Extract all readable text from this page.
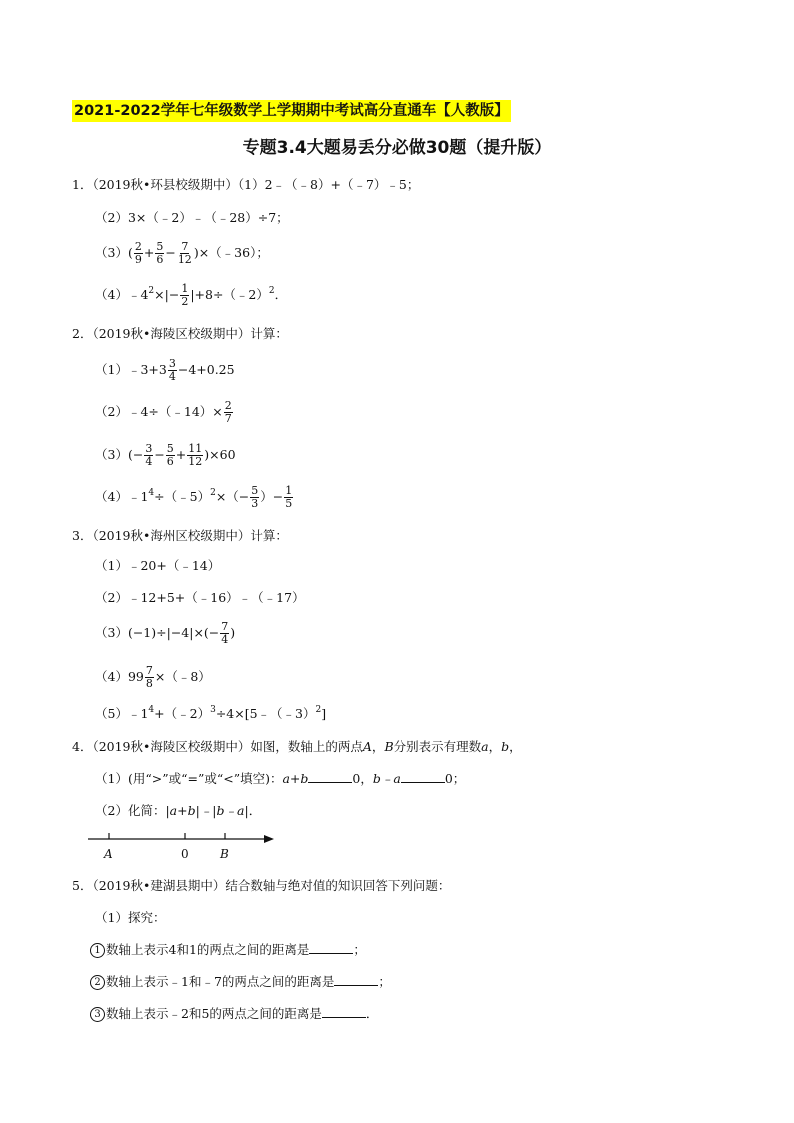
2021-2022学年七年级数学上学期期中考试高分直通车【人教版】
专题3.4大题易丢分必做30题（提升版）
1．（2019秋•环县校级期中）（1）2﹣（﹣8）+（﹣7）﹣5；
（2）3×（﹣2）﹣（﹣28）÷7；
$(3)( \frac{2}{9} + \frac{5}{6} - \frac{7}{12}$ )×（﹣36）；
$(4)﹣4^2\times|- \frac{1}{2}$ |+8÷（﹣2）$^2$．
2．（2019秋•海陵区校级期中）计算：
（1）﹣3+3 $\frac{3}{4} -4+0.25$
（2）﹣4÷（﹣14）× $\frac{2}{7}$
$(3)(- \frac{3}{4} - \frac{5}{6} + \frac{11}{12} )\times 60$
$(4)﹣1^4\div(﹣5)^2\times(- \frac{5}{3}$ ）− $\frac{1}{5}$
3．（2019秋•海州区校级期中）计算：
（1）﹣20+（﹣14）
（2）﹣12+5+（﹣16）﹣（﹣17）
$(3)(-1)\div|-4|\times(- \frac{7}{4}$ )
$(4)99 \frac{7}{8}$ ×（﹣8）
$(5)﹣1^4+(﹣2)^3\div 4\times[5﹣(﹣3)^2]$
4．（2019秋•海陵区校级期中）如图，数轴上的两点A，B分别表示有理数a，b，
（1）(用“>”或“=”或“<”填空)：a+b	0，b﹣a	0；
（2）化简：|a+b|﹣|b﹣a|．
A	0	B
5．（2019秋•建湖县期中）结合数轴与绝对值的知识回答下列问题：
（1）探究：
1 数轴上表示4和1的两点之间的距离是	；
2 数轴上表示﹣1和﹣7的两点之间的距离是	；
3 数轴上表示﹣2和5的两点之间的距离是	．
